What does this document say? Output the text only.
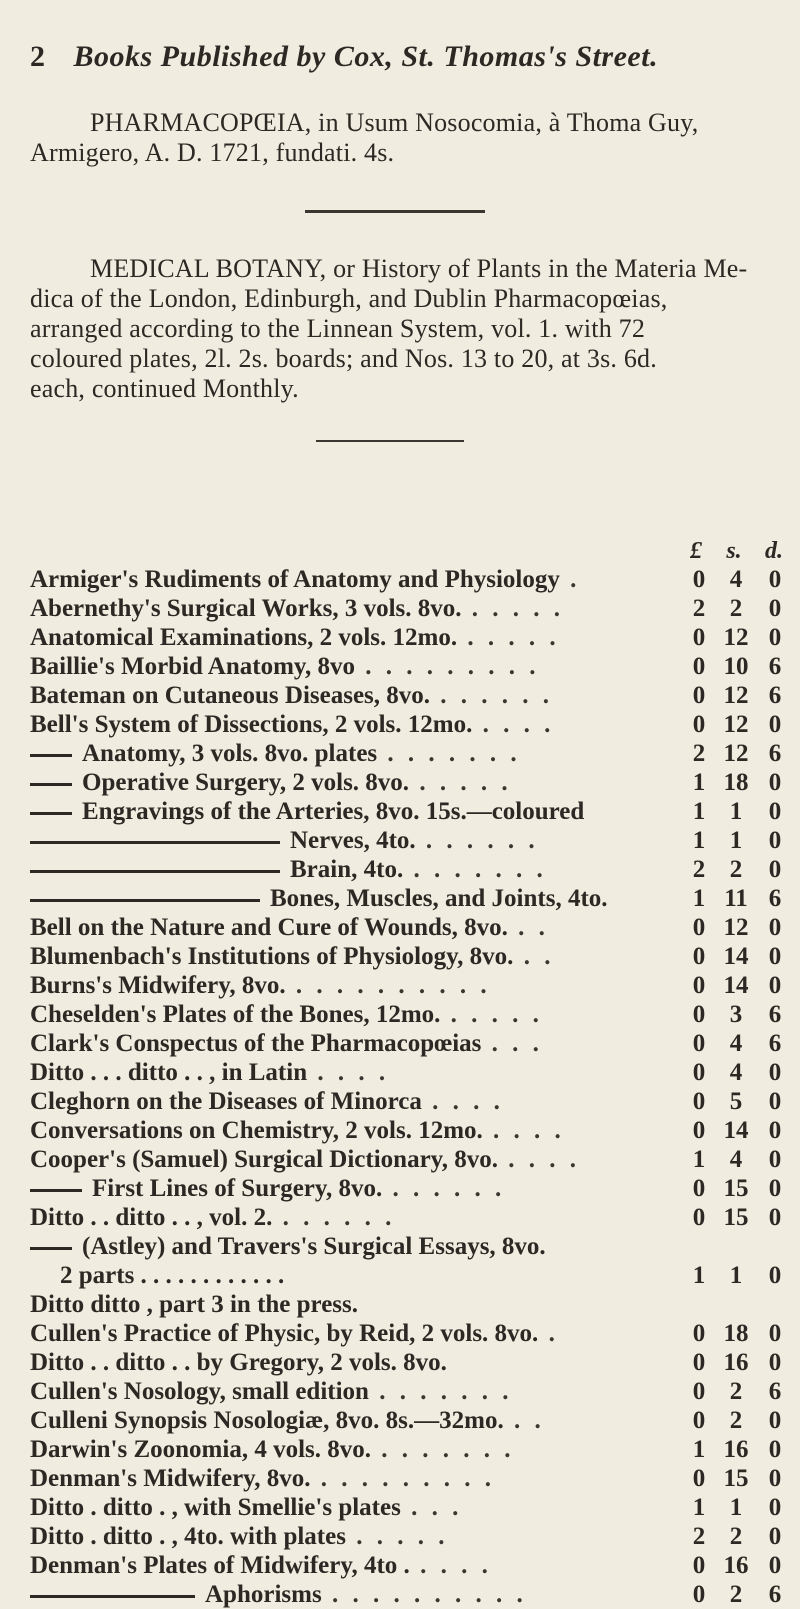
2 Books Published by Cox, St. Thomas's Street.
PHARMACOPŒIA, in Usum Nosocomia, à Thoma Guy,
Armigero, A. D. 1721, fundati. 4s.
MEDICAL BOTANY, or History of Plants in the Materia Me-
dica of the London, Edinburgh, and Dublin Pharmacopœias,
arranged according to the Linnean System, vol. 1. with 72
coloured plates, 2l. 2s. boards; and Nos. 13 to 20, at 3s. 6d.
each, continued Monthly.
£	s. d.
Armiger's Rudiments of Anatomy and Physiology .	0 4	0
Abernethy's Surgical Works, 3 vols. 8vo. . . . . .	2 2	0
Anatomical Examinations, 2 vols. 12mo. . . . . .	0 12 0
Baillie's Morbid Anatomy, 8vo . . . . . . . . .	0 10 6
Bateman on Cutaneous Diseases, 8vo. . . . . . .	0 12 6
Bell's System of Dissections, 2 vols. 12mo. . . . .	0 12 0
Anatomy, 3 vols. 8vo. plates . . . . . . .	2 12 6
Operative Surgery, 2 vols. 8vo. . . . . .	1 18 0
Engravings of the Arteries, 8vo. 15s.—coloured	1 1	0
Nerves, 4to. . . . . . .	1 1	0
Brain, 4to. . . . . . . .	2 2	0
Bones, Muscles, and Joints, 4to.	1 11 6
Bell on the Nature and Cure of Wounds, 8vo. . .	0 12 0
Blumenbach's Institutions of Physiology, 8vo. . .	0 14 0
Burns's Midwifery, 8vo. . . . . . . . . . .	0 14 0
Cheselden's Plates of the Bones, 12mo. . . . . .	0 3	6
Clark's Conspectus of the Pharmacopœias . . .	0 4	6
Ditto . . . ditto . . , in Latin . . . .	0 4	0
Cleghorn on the Diseases of Minorca . . . .	0 5	0
Conversations on Chemistry, 2 vols. 12mo. . . . .	0 14 0
Cooper's (Samuel) Surgical Dictionary, 8vo. . . . .	1 4	0
First Lines of Surgery, 8vo. . . . . . .	0 15 0
Ditto . . ditto . . , vol. 2. . . . . . .	0 15 0
(Astley) and Travers's Surgical Essays, 8vo.
2 parts . . . . . . . . . . . .	1 1	0
Ditto ditto , part 3 in the press.
Cullen's Practice of Physic, by Reid, 2 vols. 8vo. .	0 18 0
Ditto . . ditto . . by Gregory, 2 vols. 8vo.	0 16 0
Cullen's Nosology, small edition . . . . . . .	0 2	6
Culleni Synopsis Nosologiæ, 8vo. 8s.—32mo. . .	0 2	0
Darwin's Zoonomia, 4 vols. 8vo. . . . . . . .	1 16 0
Denman's Midwifery, 8vo. . . . . . . . . .	0 15 0
Ditto . ditto . , with Smellie's plates . . .	1 1	0
Ditto . ditto . , 4to. with plates . . . . .	2 2	0
Denman's Plates of Midwifery, 4to . . . . .	0 16 0
Aphorisms . . . . . . . . . .	0 2	6
